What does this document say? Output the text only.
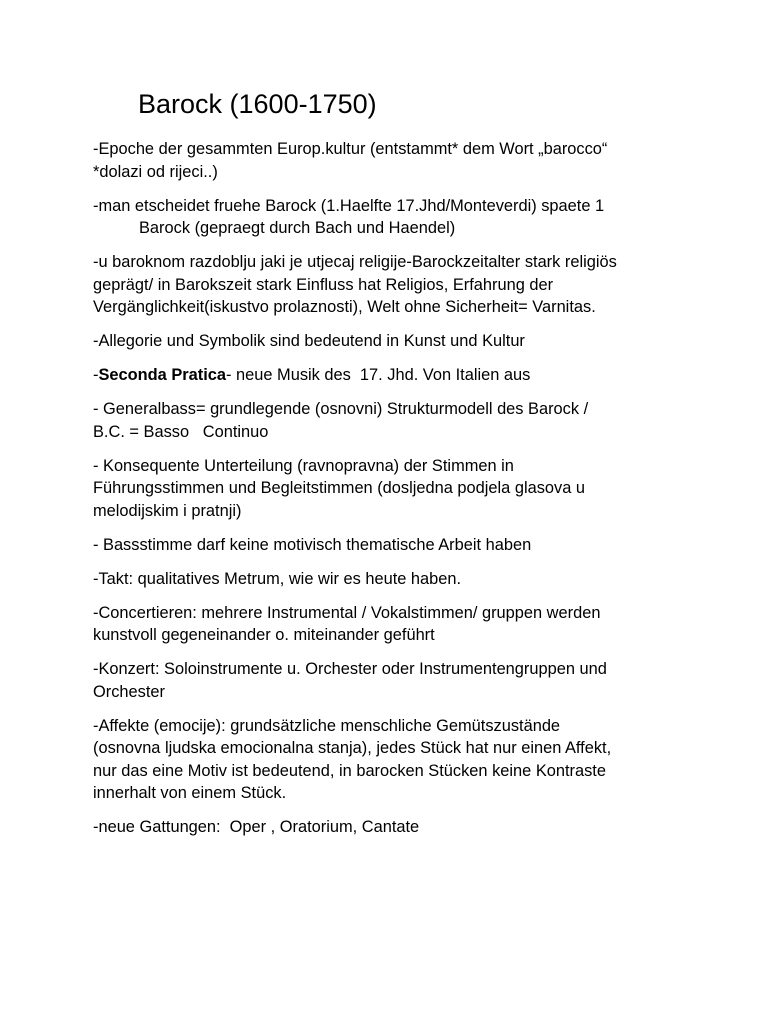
Barock (1600-1750)

-Epoche der gesammten Europ.kultur (entstammt* dem Wort „barocco“
*dolazi od rijeci..)

-man etscheidet fruehe Barock (1.Haelfte 17.Jhd/Monteverdi) spaete 1
Barock (gepraegt durch Bach und Haendel)

-u baroknom razdoblju jaki je utjecaj religije-Barockzeitalter stark religiös
geprägt/ in Barokszeit stark Einfluss hat Religios, Erfahrung der
Vergänglichkeit(iskustvo prolaznosti), Welt ohne Sicherheit= Varnitas.

-Allegorie und Symbolik sind bedeutend in Kunst und Kultur

-Seconda Pratica- neue Musik des  17. Jhd. Von Italien aus

- Generalbass= grundlegende (osnovni) Strukturmodell des Barock /
B.C. = Basso   Continuo

- Konsequente Unterteilung (ravnopravna) der Stimmen in
Führungsstimmen und Begleitstimmen (dosljedna podjela glasova u
melodijskim i pratnji)

- Bassstimme darf keine motivisch thematische Arbeit haben

-Takt: qualitatives Metrum, wie wir es heute haben.

-Concertieren: mehrere Instrumental / Vokalstimmen/ gruppen werden
kunstvoll gegeneinander o. miteinander geführt

-Konzert: Soloinstrumente u. Orchester oder Instrumentengruppen und
Orchester

-Affekte (emocije): grundsätzliche menschliche Gemütszustände
(osnovna ljudska emocionalna stanja), jedes Stück hat nur einen Affekt,
nur das eine Motiv ist bedeutend, in barocken Stücken keine Kontraste
innerhalt von einem Stück.

-neue Gattungen:  Oper , Oratorium, Cantate
